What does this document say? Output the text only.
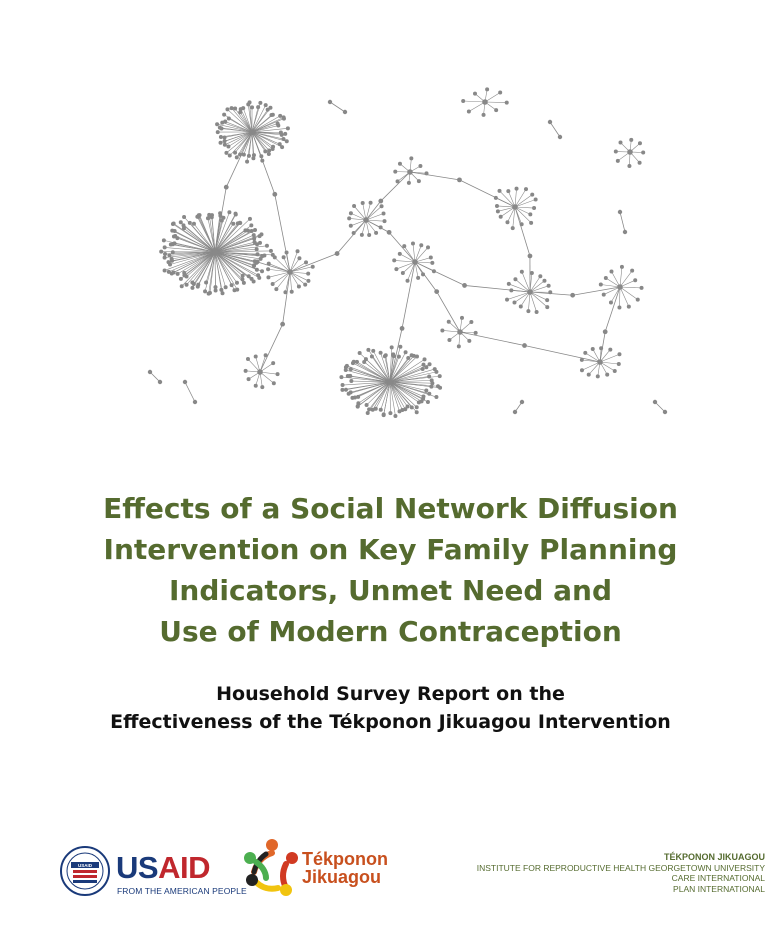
Effects of a Social Network Diffusion
Intervention on Key Family Planning
Indicators, Unmet Need and
Use of Modern Contraception
Household Survey Report on the
Effectiveness of the Tékponon Jikuagou Intervention
USAID USAID
FROM THE AMERICAN PEOPLE
Tékponon
Jikuagou
TÉKPONON JIKUAGOU
INSTITUTE FOR REPRODUCTIVE HEALTH GEORGETOWN UNIVERSITY
CARE INTERNATIONAL
PLAN INTERNATIONAL
